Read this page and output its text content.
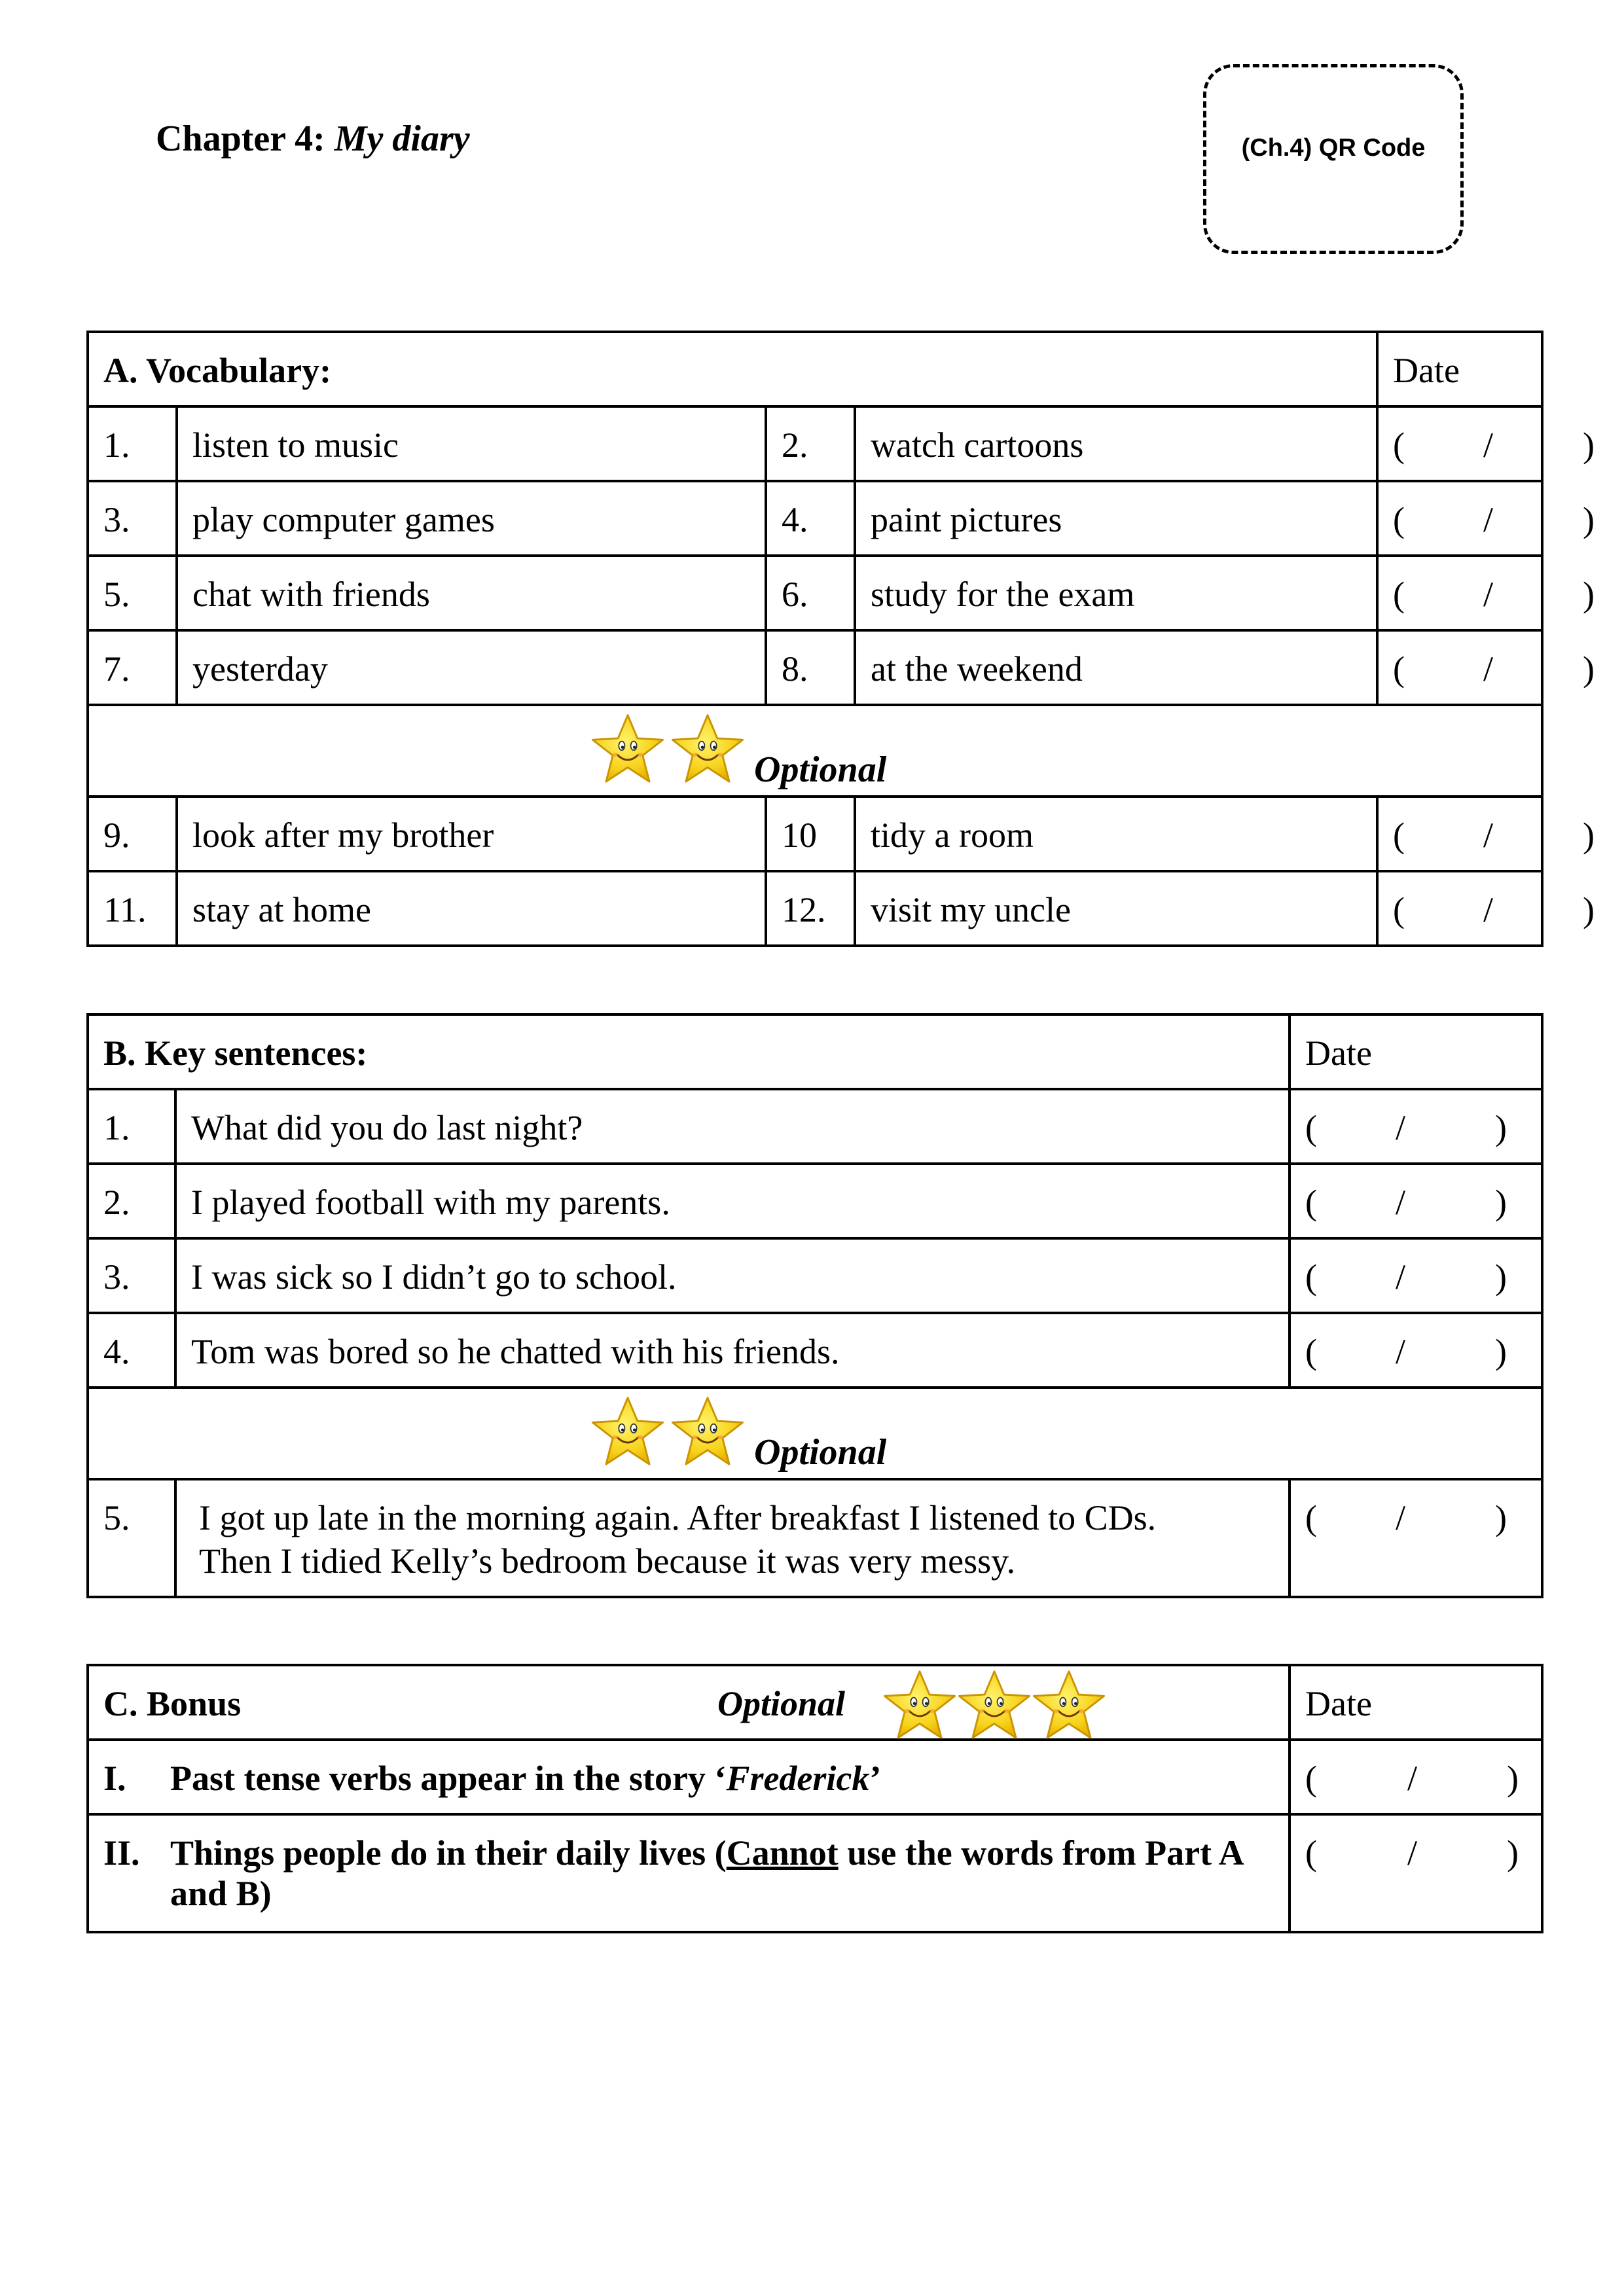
Chapter 4: My diary	(Ch.4) QR Code
A. Vocabulary:				Date
1.	listen to music	2.	watch cartoons	( / )

3.	play computer games	4.	paint pictures	( / )

5.	chat with friends	6.	study for the exam	( / )

7.	yesterday	8.	at the weekend	( / )

Optional				

9.	look after my brother	10	tidy a room	( / )

11.	stay at home	12.	visit my uncle	( / )
B. Key sentences:		Date
1.	What did you do last night?	( / )

2.	I played football with my parents.	( / )

3.	I was sick so I didn’t go to school.	( / )

4.	Tom was bored so he chatted with his friends.	( / )

Optional		

5.	I got up late in the morning again. After breakfast I listened to CDs.
Then I tidied Kelly’s bedroom because it was very messy.	( / )
C. Bonus Optional	Date
I. Past tense verbs appear in the story ‘Frederick’	( / )

II. Things people do in their daily lives (Cannot use the words from Part A and B)	( / )
